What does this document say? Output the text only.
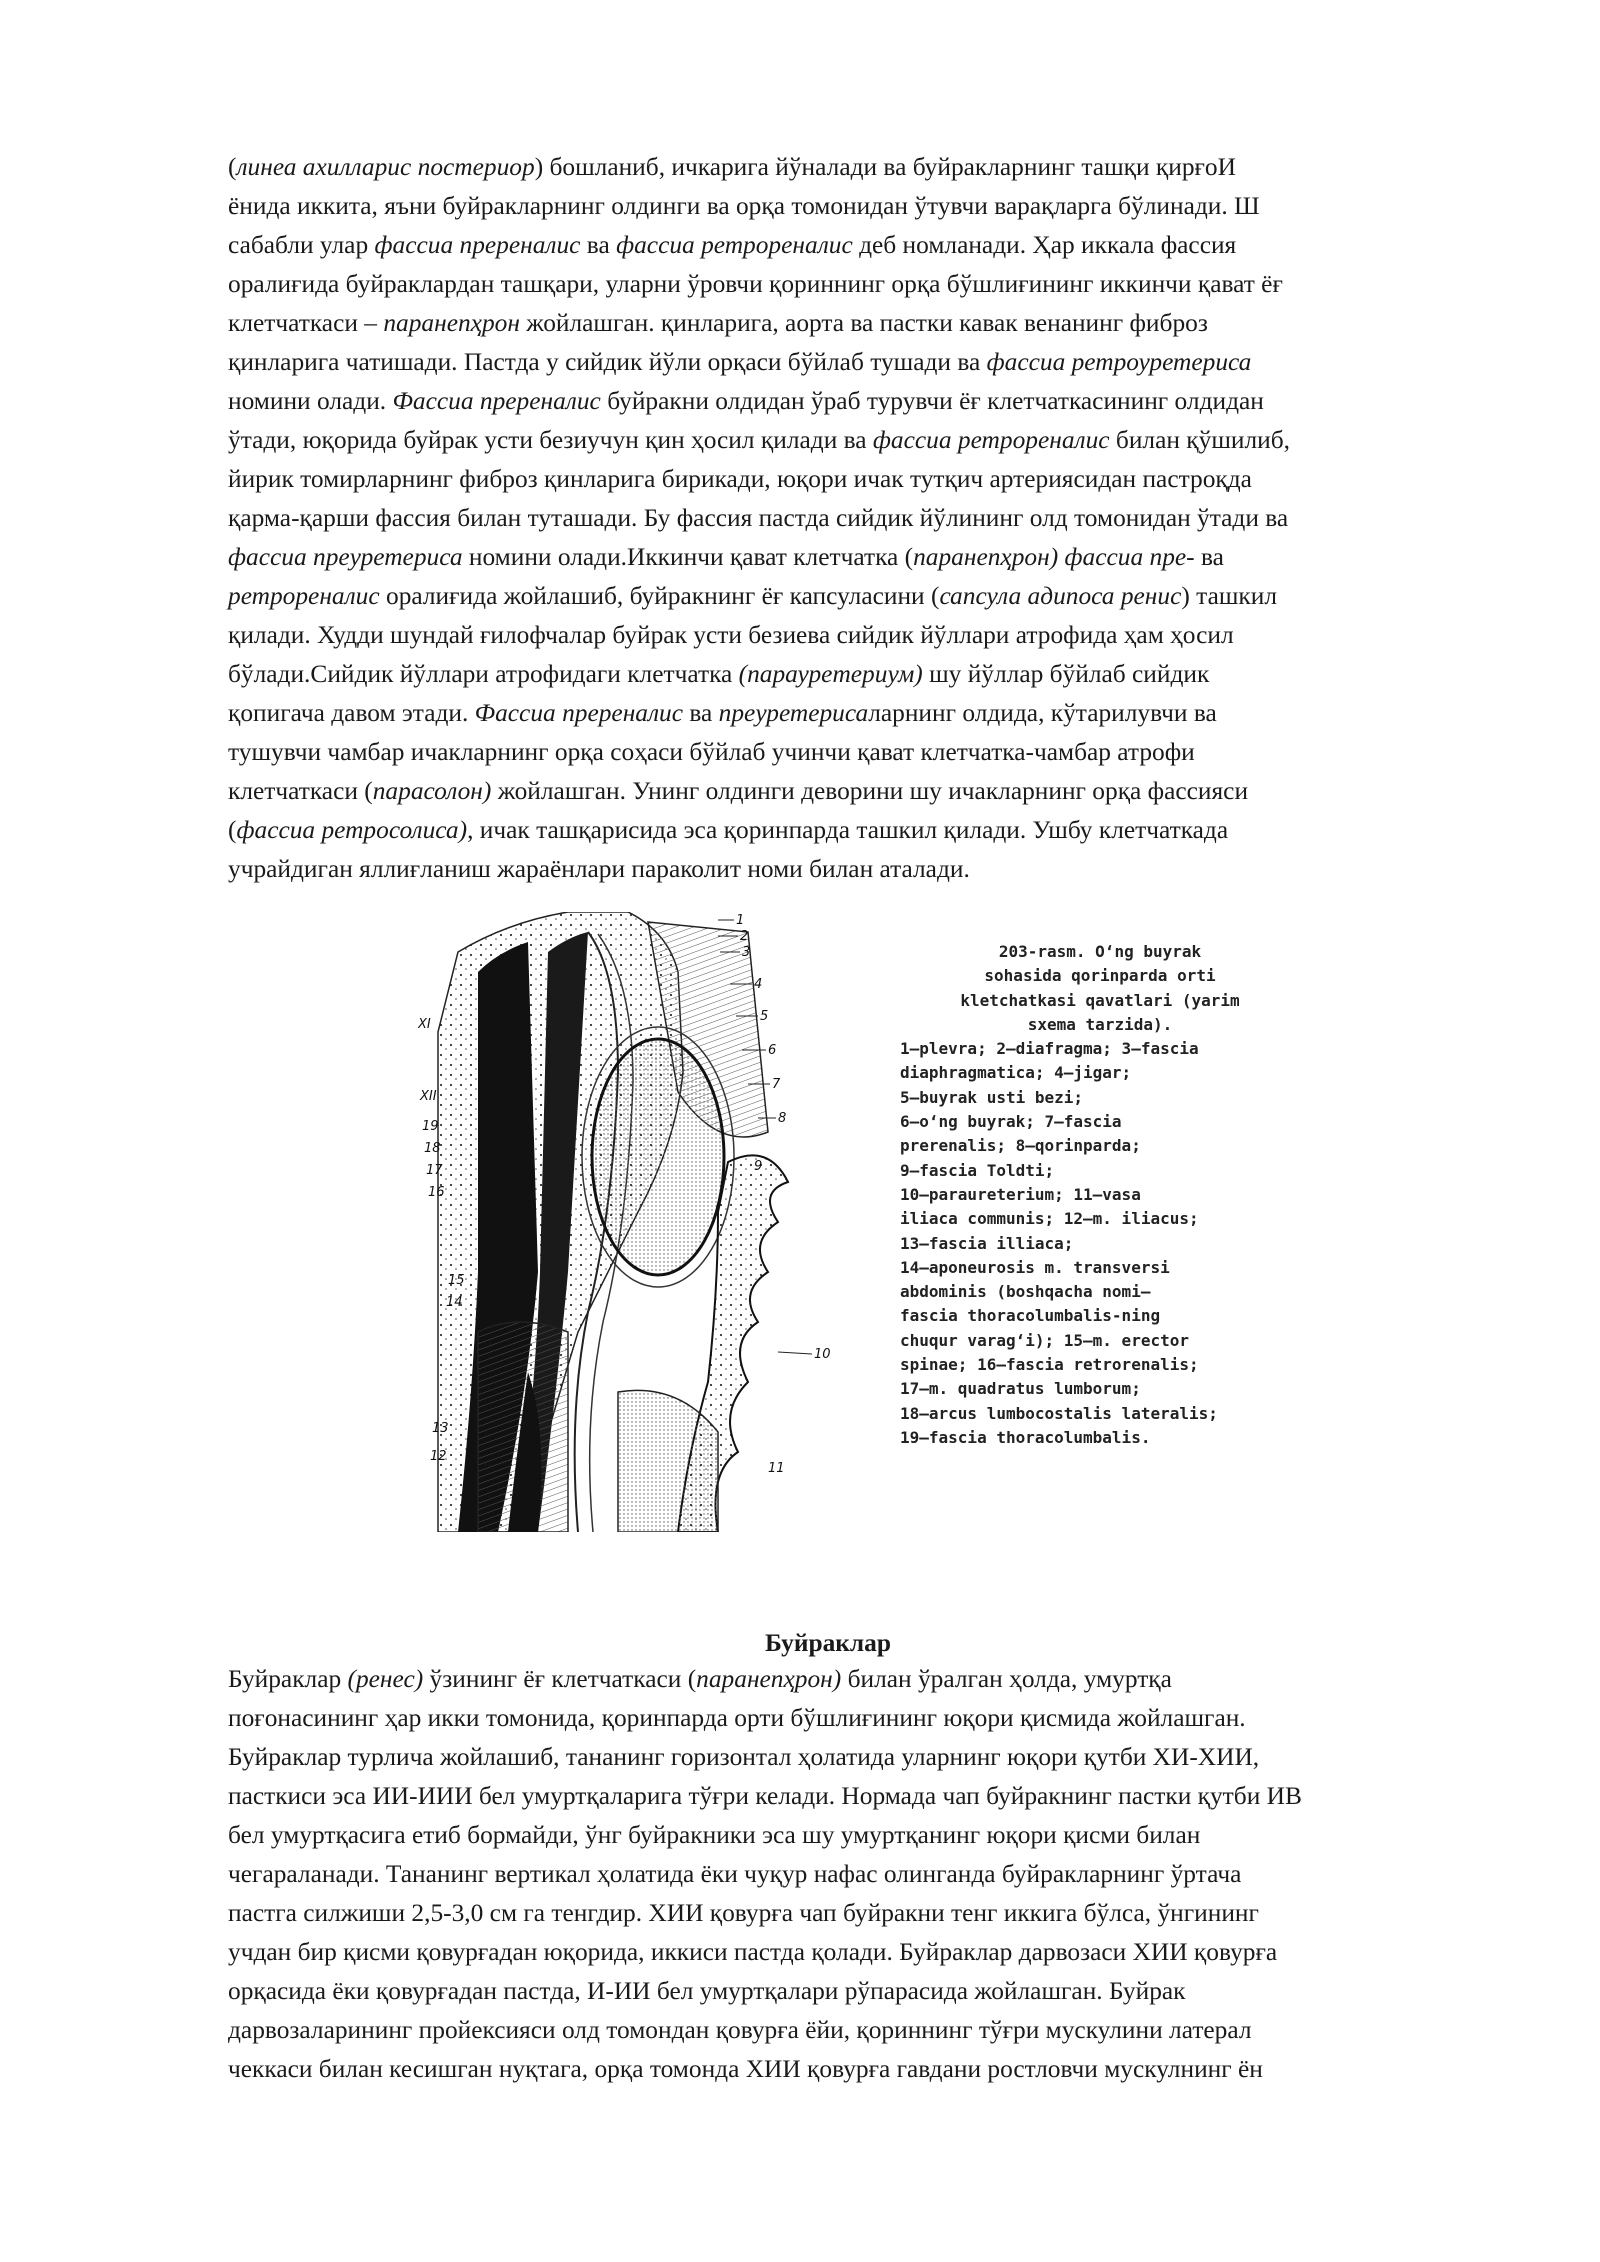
(линеа ахилларис постериор) бошланиб, ичкарига йўналади ва буйракларнинг ташқи қирғоИ
ёнида иккита, яъни буйракларнинг олдинги ва орқа томонидан ўтувчи варақларга бўлинади. Ш
сабабли улар фассиа преренaлис ва фассиа ретроренaлис деб номланади. Ҳар иккала фассия
оралиғида буйраклардан ташқари, уларни ўровчи қориннинг орқа бўшлиғининг иккинчи қават ёғ
клетчаткаси – паранепҳрон жойлашган. қинларига, аорта ва пастки кавак венанинг фиброз
қинларига чатишади. Пастда у сийдик йўли орқаси бўйлаб тушади ва фассиа ретроуретериса
номини олади. Фассиа преренaлис буйракни олдидан ўраб турувчи ёғ клетчаткасининг олдидан
ўтади, юқорида буйрак усти безиучун қин ҳосил қилади ва фассиа ретроренaлис билан қўшилиб,
йирик томирларнинг фиброз қинларига бирикади, юқори ичак тутқич артериясидан пастроқда
қарма-қарши фассия билан туташади. Бу фассия пастда сийдик йўлининг олд томонидан ўтади ва
фассиа преуретериса номини олади.Иккинчи қават клетчатка (паранепҳрон) фассиа пре- ва
ретроренaлис оралиғида жойлашиб, буйракнинг ёғ капсуласини (сапсула адипоса ренис) ташкил
қилади. Худди шундай ғилофчалар буйрак усти безиева сийдик йўллари атрофида ҳам ҳосил
бўлади.Сийдик йўллари атрофидаги клетчатка (параурeтериум) шу йўллар бўйлаб сийдик
қопигача давом этади. Фассиа преренaлис ва преуретерисаларнинг олдида, кўтарилувчи ва
тушувчи чамбар ичакларнинг орқа соҳаси бўйлаб учинчи қават клетчатка-чамбар атрофи
клетчаткаси (парасолон) жойлашган. Унинг олдинги деворини шу ичакларнинг орқа фассияси
(фассиа ретросолиса), ичак ташқарисида эса қоринпарда ташкил қилади. Ушбу клетчаткада
учрайдиган яллиғланиш жараёнлари параколит номи билан аталади.
XI
XII
19
18
17
16
15
14
13
12
1
2
3
4
5
6
7
8
9
10
11
203-rasm. O‘ng buyrak
sohasida qorinparda orti
kletchatkasi qavatlari (yarim
sxema tarzida).
1–plevra; 2–diafragma; 3–fascia
diaphragmatica; 4–jigar;
5–buyrak usti bezi;
6–o‘ng buyrak; 7–fascia
prerenalis; 8–qorinparda;
9–fascia Toldti;
10–paraureterium; 11–vasa
iliaca communis; 12–m. iliacus;
13–fascia illiaca;
14–aponeurosis m. transversi
abdominis (boshqacha nomi–
fascia thoracolumbalis-ning
chuqur varag‘i); 15–m. erector
spinae; 16–fascia retrorenalis;
17–m. quadratus lumborum;
18–arcus lumbocostalis lateralis;
19–fascia thoracolumbalis.
Буйраклар
Буйраклар (ренес) ўзининг ёғ клетчаткаси (паранепҳрон) билан ўралган ҳолда, умуртқа
поғонасининг ҳар икки томонида, қоринпарда орти бўшлиғининг юқори қисмида жойлашган.
Буйраклар турлича жойлашиб, тананинг горизонтал ҳолатида уларнинг юқори қутби ХИ-ХИИ,
пасткиси эса ИИ-ИИИ бел умуртқаларига тўғри келади. Нормада чап буйракнинг пастки қутби ИВ
бел умуртқасига етиб бормайди, ўнг буйракники эса шу умуртқанинг юқори қисми билан
чегараланади. Тананинг вертикал ҳолатида ёки чуқур нафас олинганда буйракларнинг ўртача
пастга силжиши 2,5-3,0 см га тенгдир. ХИИ қовурға чап буйракни тенг иккига бўлса, ўнгининг
учдан бир қисми қовурғадан юқорида, иккиси пастда қолади. Буйраклар дарвозаси ХИИ қовурға
орқасида ёки қовурғадан пастда, И-ИИ бел умуртқалари рўпарасида жойлашган. Буйрак
дарвозаларининг пройексияси олд томондан қовурға ёйи, қориннинг тўғри мускулини латерал
чеккаси билан кесишган нуқтага, орқа томонда ХИИ қовурға гавдани ростловчи мускулнинг ён
